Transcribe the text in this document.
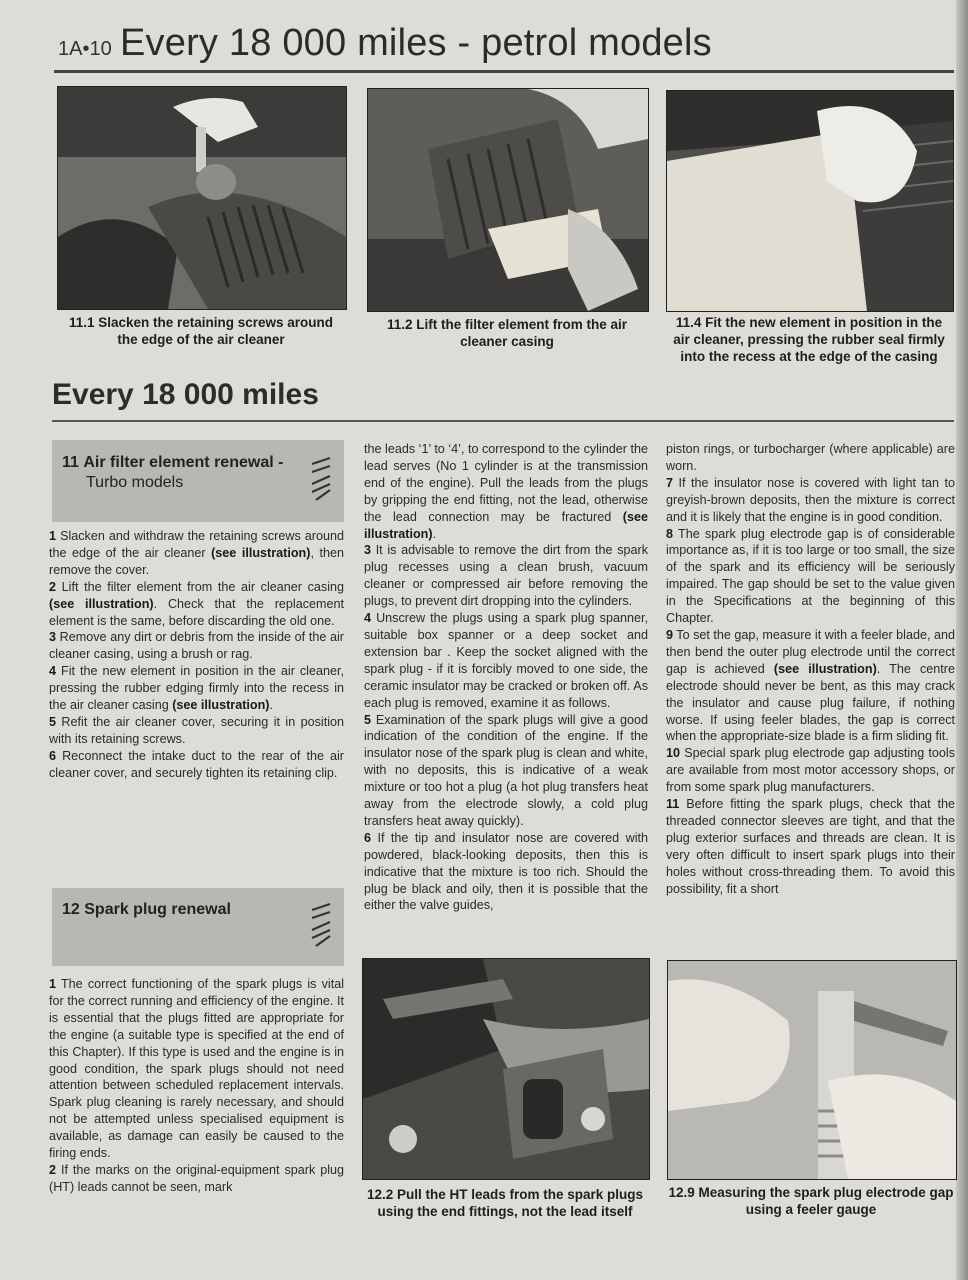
1A•10 Every 18 000 miles - petrol models
11.1 Slacken the retaining screws around the edge of the air cleaner
11.2 Lift the filter element from the air cleaner casing
11.4 Fit the new element in position in the air cleaner, pressing the rubber seal firmly into the recess at the edge of the casing
Every 18 000 miles
11 Air filter element renewal -
Turbo models

1 Slacken and withdraw the retaining screws around the edge of the air cleaner (see illustration), then remove the cover.

2 Lift the filter element from the air cleaner casing (see illustration). Check that the replacement element is the same, before discarding the old one.

3 Remove any dirt or debris from the inside of the air cleaner casing, using a brush or rag.

4 Fit the new element in position in the air cleaner, pressing the rubber edging firmly into the recess in the air cleaner casing (see illustration).

5 Refit the air cleaner cover, securing it in position with its retaining screws.

6 Reconnect the intake duct to the rear of the air cleaner cover, and securely tighten its retaining clip.

12 Spark plug renewal

1 The correct functioning of the spark plugs is vital for the correct running and efficiency of the engine. It is essential that the plugs fitted are appropriate for the engine (a suitable type is specified at the end of this Chapter). If this type is used and the engine is in good condition, the spark plugs should not need attention between scheduled replacement intervals. Spark plug cleaning is rarely necessary, and should not be attempted unless specialised equipment is available, as damage can easily be caused to the firing ends.

2 If the marks on the original-equipment spark plug (HT) leads cannot be seen, mark

the leads ‘1’ to ‘4’, to correspond to the cylinder the lead serves (No 1 cylinder is at the transmission end of the engine). Pull the leads from the plugs by gripping the end fitting, not the lead, otherwise the lead connection may be fractured (see illustration).

3 It is advisable to remove the dirt from the spark plug recesses using a clean brush, vacuum cleaner or compressed air before removing the plugs, to prevent dirt dropping into the cylinders.

4 Unscrew the plugs using a spark plug spanner, suitable box spanner or a deep socket and extension bar . Keep the socket aligned with the spark plug - if it is forcibly moved to one side, the ceramic insulator may be cracked or broken off. As each plug is removed, examine it as follows.

5 Examination of the spark plugs will give a good indication of the condition of the engine. If the insulator nose of the spark plug is clean and white, with no deposits, this is indicative of a weak mixture or too hot a plug (a hot plug transfers heat away from the electrode slowly, a cold plug transfers heat away quickly).

6 If the tip and insulator nose are covered with powdered, black-looking deposits, then this is indicative that the mixture is too rich. Should the plug be black and oily, then it is possible that the either the valve guides,

piston rings, or turbocharger (where applicable) are worn.

7 If the insulator nose is covered with light tan to greyish-brown deposits, then the mixture is correct and it is likely that the engine is in good condition.

8 The spark plug electrode gap is of considerable importance as, if it is too large or too small, the size of the spark and its efficiency will be seriously impaired. The gap should be set to the value given in the Specifications at the beginning of this Chapter.

9 To set the gap, measure it with a feeler blade, and then bend the outer plug electrode until the correct gap is achieved (see illustration). The centre electrode should never be bent, as this may crack the insulator and cause plug failure, if nothing worse. If using feeler blades, the gap is correct when the appropriate-size blade is a firm sliding fit.

10 Special spark plug electrode gap adjusting tools are available from most motor accessory shops, or from some spark plug manufacturers.

11 Before fitting the spark plugs, check that the threaded connector sleeves are tight, and that the plug exterior surfaces and threads are clean. It is very often difficult to insert spark plugs into their holes without cross-threading them. To avoid this possibility, fit a short

12.2 Pull the HT leads from the spark plugs using the end fittings, not the lead itself
12.9 Measuring the spark plug electrode gap using a feeler gauge
